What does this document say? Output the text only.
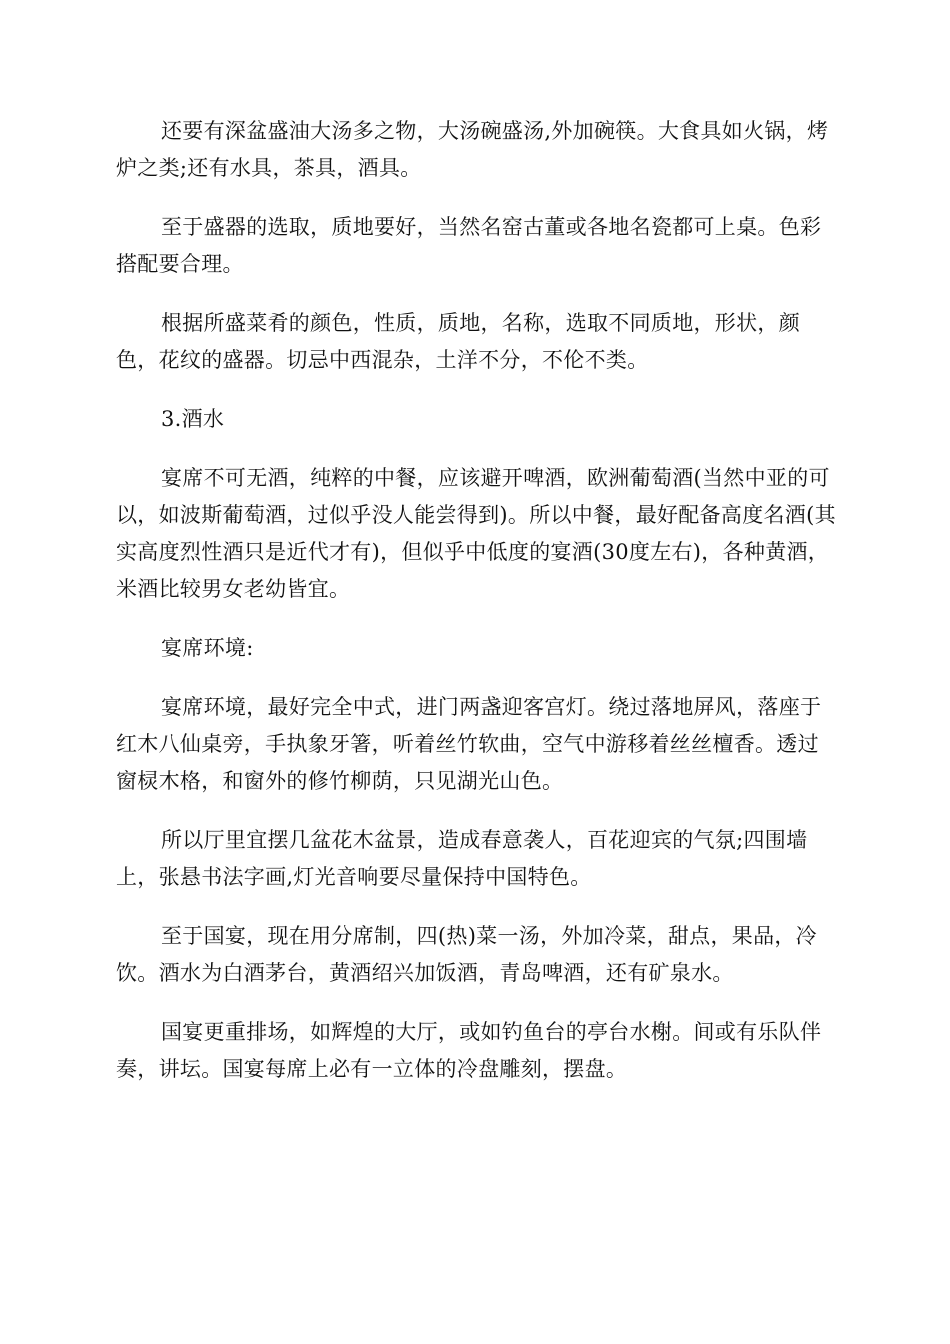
还要有深盆盛油大汤多之物，大汤碗盛汤,外加碗筷。大食具如火锅，烤炉之类;还有水具，茶具，酒具。

至于盛器的选取，质地要好，当然名窑古董或各地名瓷都可上桌。色彩搭配要合理。

根据所盛菜肴的颜色，性质，质地，名称，选取不同质地，形状，颜色，花纹的盛器。切忌中西混杂，土洋不分，不伦不类。

3.酒水

宴席不可无酒，纯粹的中餐，应该避开啤酒，欧洲葡萄酒(当然中亚的可以，如波斯葡萄酒，过似乎没人能尝得到)。所以中餐，最好配备高度名酒(其实高度烈性酒只是近代才有)，但似乎中低度的宴酒(30度左右)，各种黄酒，米酒比较男女老幼皆宜。

宴席环境:

宴席环境，最好完全中式，进门两盏迎客宫灯。绕过落地屏风，落座于红木八仙桌旁，手执象牙箸，听着丝竹软曲，空气中游移着丝丝檀香。透过窗棂木格，和窗外的修竹柳荫，只见湖光山色。

所以厅里宜摆几盆花木盆景，造成春意袭人，百花迎宾的气氛;四围墙上，张悬书法字画,灯光音响要尽量保持中国特色。

至于国宴，现在用分席制，四(热)菜一汤，外加冷菜，甜点，果品，冷饮。酒水为白酒茅台，黄酒绍兴加饭酒，青岛啤酒，还有矿泉水。

国宴更重排场，如辉煌的大厅，或如钓鱼台的亭台水榭。间或有乐队伴奏，讲坛。国宴每席上必有一立体的冷盘雕刻，摆盘。
